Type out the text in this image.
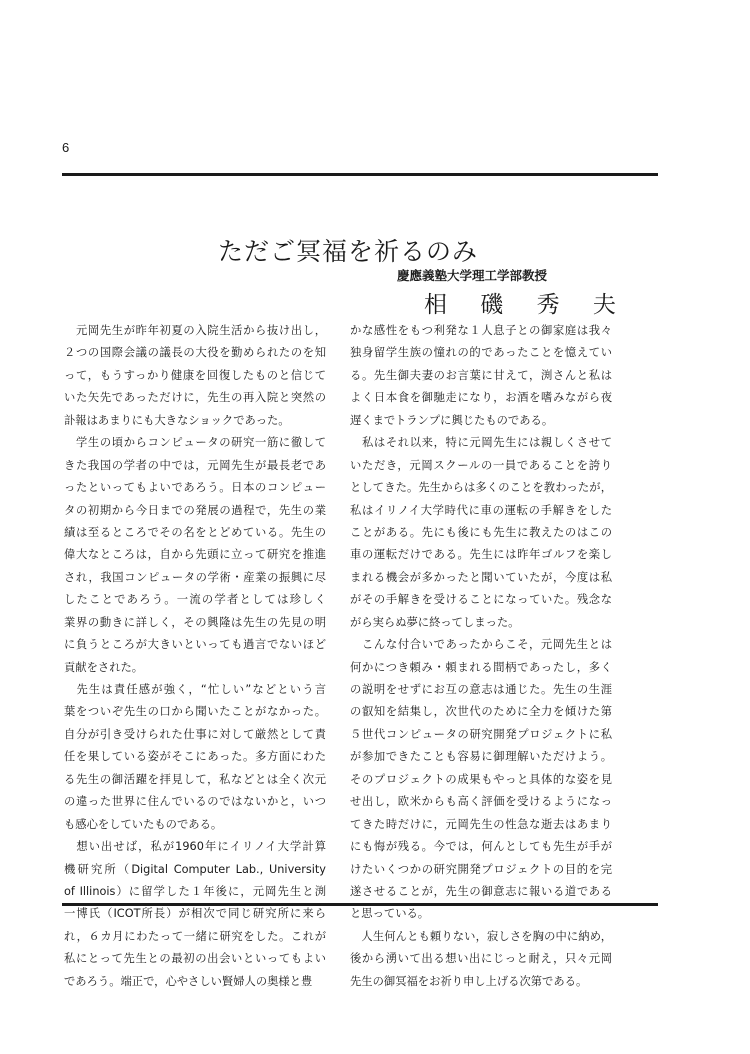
6
ただご冥福を祈るのみ
慶應義塾大学理工学部教授
相 磯 秀 夫
　元岡先生が昨年初夏の入院生活から抜け出し，
２つの国際会議の議長の大役を勤められたのを知
って，もうすっかり健康を回復したものと信じて
いた矢先であっただけに，先生の再入院と突然の
訃報はあまりにも大きなショックであった。
　学生の頃からコンピュータの研究一筋に徹して
きた我国の学者の中では，元岡先生が最長老であ
ったといってもよいであろう。日本のコンピュー
タの初期から今日までの発展の過程で，先生の業
績は至るところでその名をとどめている。先生の
偉大なところは，自から先頭に立って研究を推進
され，我国コンピュータの学術・産業の振興に尽
したことであろう。一流の学者としては珍しく
業界の動きに詳しく，その興隆は先生の先見の明
に負うところが大きいといっても過言でないほど
貢献をされた。
　先生は責任感が強く，“忙しい”などという言
葉をついぞ先生の口から聞いたことがなかった。
自分が引き受けられた仕事に対して厳然として責
任を果している姿がそこにあった。多方面にわた
る先生の御活躍を拝見して，私などとは全く次元
の違った世界に住んでいるのではないかと，いつ
も感心をしていたものである。
　想い出せば，私が1960年にイリノイ大学計算
機研究所（Digital Computer Lab., University
of Illinois）に留学した１年後に，元岡先生と渕
一博氏（ICOT所長）が相次で同じ研究所に来ら
れ，６カ月にわたって一緒に研究をした。これが
私にとって先生との最初の出会いといってもよい
であろう。端正で，心やさしい賢婦人の奥様と豊
かな感性をもつ利発な１人息子との御家庭は我々
独身留学生族の憧れの的であったことを憶えてい
る。先生御夫妻のお言葉に甘えて，渕さんと私は
よく日本食を御馳走になり，お酒を嗜みながら夜
遅くまでトランプに興じたものである。
　私はそれ以来，特に元岡先生には親しくさせて
いただき，元岡スクールの一員であることを誇り
としてきた。先生からは多くのことを教わったが，
私はイリノイ大学時代に車の運転の手解きをした
ことがある。先にも後にも先生に教えたのはこの
車の運転だけである。先生には昨年ゴルフを楽し
まれる機会が多かったと聞いていたが，今度は私
がその手解きを受けることになっていた。残念な
がら実らぬ夢に終ってしまった。
　こんな付合いであったからこそ，元岡先生とは
何かにつき頼み・頼まれる間柄であったし，多く
の説明をせずにお互の意志は通じた。先生の生涯
の叡知を結集し，次世代のために全力を傾けた第
５世代コンピュータの研究開発プロジェクトに私
が参加できたことも容易に御理解いただけよう。
そのプロジェクトの成果もやっと具体的な姿を見
せ出し，欧米からも高く評価を受けるようになっ
てきた時だけに，元岡先生の性急な逝去はあまり
にも悔が残る。今では，何んとしても先生が手が
けたいくつかの研究開発プロジェクトの目的を完
遂させることが，先生の御意志に報いる道である
と思っている。
　人生何んとも頼りない，寂しさを胸の中に納め，
後から湧いて出る想い出にじっと耐え，只々元岡
先生の御冥福をお祈り申し上げる次第である。
